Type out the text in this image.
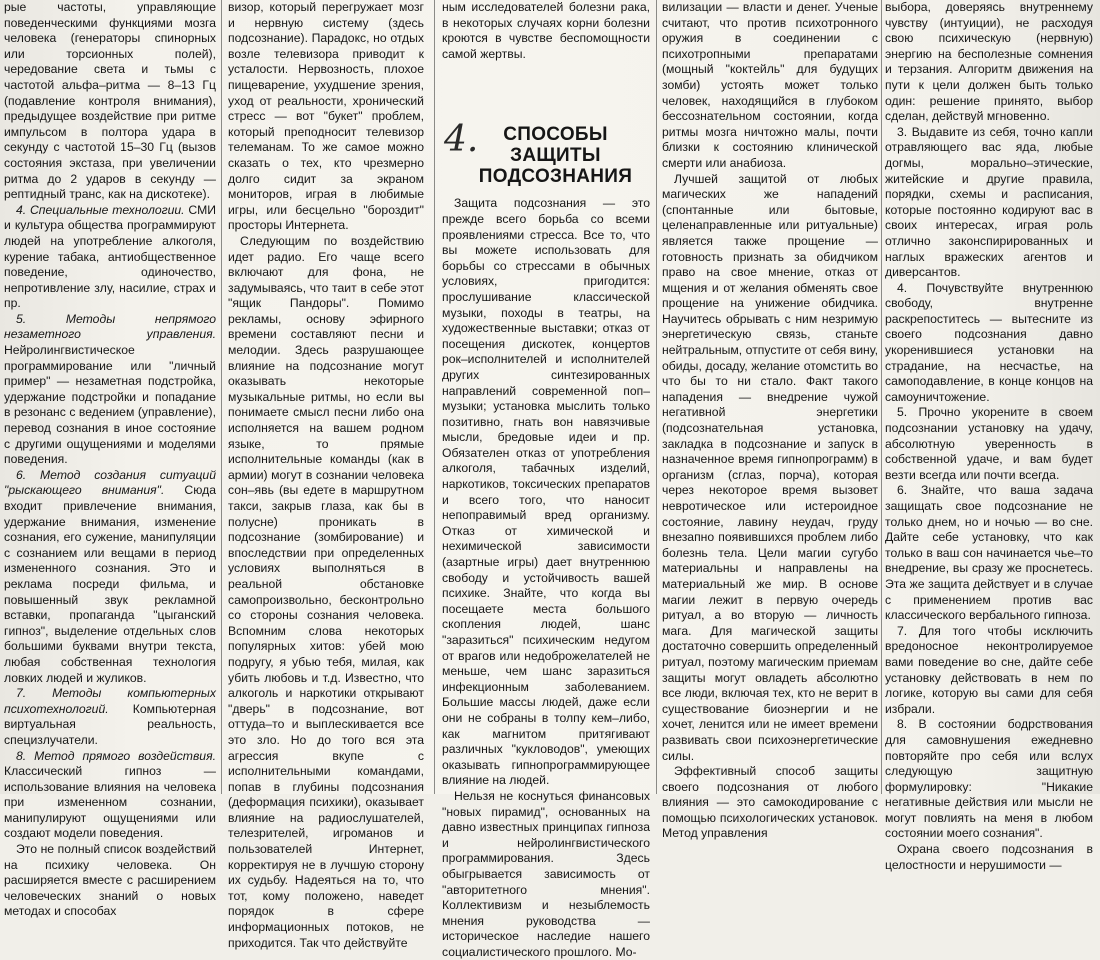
рые частоты, управляющие поведенческими функциями мозга человека (генераторы спинорных или торсионных полей), чередование света и тьмы с частотой альфа–ритма — 8–13 Гц (подавление контроля внимания), предыдущее воздействие при ритме импульсом в полтора удара в секунду с частотой 15–30 Гц (вызов состояния экстаза, при увеличении ритма до 2 ударов в секунду — рептидный транс, как на дискотеке).

4. Специальные технологии. СМИ и культура общества программируют людей на употребление алкоголя, курение табака, антиобщественное поведение, одиночество, непротивление злу, насилие, страх и пр.

5. Методы непрямого незаметного управления. Нейролингвистическое программирование или "личный пример" — незаметная подстройка, удержание подстройки и попадание в резонанс с ведением (управление), перевод сознания в иное состояние с другими ощущениями и моделями поведения.

6. Метод создания ситуаций "рыскающего внимания". Сюда входит привлечение внимания, удержание внимания, изменение сознания, его сужение, манипуляции с сознанием или вещами в период измененного сознания. Это и реклама посреди фильма, и повышенный звук рекламной вставки, пропаганда "цыганский гипноз", выделение отдельных слов большими буквами внутри текста, любая собственная технология ловких людей и жуликов.

7. Методы компьютерных психотехнологий. Компьютерная виртуальная реальность, специзлучатели.

8. Метод прямого воздействия. Классический гипноз — использование влияния на человека при измененном сознании, манипулируют ощущениями или создают модели поведения.

Это не полный список воздействий на психику человека. Он расширяется вместе с расширением человеческих знаний о новых методах и способах

визор, который перегружает мозг и нервную систему (здесь подсознание). Парадокс, но отдых возле телевизора приводит к усталости. Нервозность, плохое пищеварение, ухудшение зрения, уход от реальности, хронический стресс — вот "букет" проблем, который преподносит телевизор телеманам. То же самое можно сказать о тех, кто чрезмерно долго сидит за экраном мониторов, играя в любимые игры, или бесцельно "бороздит" просторы Интернета.

Следующим по воздействию идет радио. Его чаще всего включают для фона, не задумываясь, что таит в себе этот "ящик Пандоры". Помимо рекламы, основу эфирного времени составляют песни и мелодии. Здесь разрушающее влияние на подсознание могут оказывать некоторые музыкальные ритмы, но если вы понимаете смысл песни либо она исполняется на вашем родном языке, то прямые исполнительные команды (как в армии) могут в сознании человека сон–явь (вы едете в маршрутном такси, закрыв глаза, как бы в полусне) проникать в подсознание (зомбирование) и впоследствии при определенных условиях выполняться в реальной обстановке самопроизвольно, бесконтрольно со стороны сознания человека. Вспомним слова некоторых популярных хитов: убей мою подругу, я убью тебя, милая, как убить любовь и т.д. Известно, что алкоголь и наркотики открывают "дверь" в подсознание, вот оттуда–то и выплескивается все это зло. Но до того вся эта агрессия вкупе с исполнительными командами, попав в глубины подсознания (деформация психики), оказывает влияние на радиослушателей, телезрителей, игроманов и пользователей Интернет, корректируя не в лучшую сторону их судьбу. Надеяться на то, что тот, кому положено, наведет порядок в сфере информационных потоков, не приходится. Так что действуйте

ным исследователей болезни рака, в некоторых случаях корни болезни кроются в чувстве беспомощности самой жертвы.

4.	СПОСОБЫ ЗАЩИТЫ ПОДСОЗНАНИЯ

Защита подсознания — это прежде всего борьба со всеми проявлениями стресса. Все то, что вы можете использовать для борьбы со стрессами в обычных условиях, пригодится: прослушивание классической музыки, походы в театры, на художественные выставки; отказ от посещения дискотек, концертов рок–исполнителей и исполнителей других синтезированных направлений современной поп–музыки; установка мыслить только позитивно, гнать вон навязчивые мысли, бредовые идеи и пр. Обязателен отказ от употребления алкоголя, табачных изделий, наркотиков, токсических препаратов и всего того, что наносит непоправимый вред организму. Отказ от химической и нехимической зависимости (азартные игры) дает внутреннюю свободу и устойчивость вашей психике. Знайте, что когда вы посещаете места большого скопления людей, шанс "заразиться" психическим недугом от врагов или недоброжелателей не меньше, чем шанс заразиться инфекционным заболеванием. Большие массы людей, даже если они не собраны в толпу кем–либо, как магнитом притягивают различных "кукловодов", умеющих оказывать гипнопрограммирующее влияние на людей.

Нельзя не коснуться финансовых "новых пирамид", основанных на давно известных принципах гипноза и нейролингвистического программирования. Здесь обыгрывается зависимость от "авторитетного мнения". Коллективизм и незыблемость мнения руководства — историческое наследие нашего социалистического прошлого. Мо-

вилизации — власти и денег. Ученые считают, что против психотронного оружия в соединении с психотропными препаратами (мощный "коктейль" для будущих зомби) устоять может только человек, находящийся в глубоком бессознательном состоянии, когда ритмы мозга ничтожно малы, почти близки к состоянию клинической смерти или анабиоза.

Лучшей защитой от любых магических же нападений (спонтанные или бытовые, целенаправленные или ритуальные) является также прощение — готовность признать за обидчиком право на свое мнение, отказ от мщения и от желания обменять свое прощение на унижение обидчика. Научитесь обрывать с ним незримую энергетическую связь, станьте нейтральным, отпустите от себя вину, обиды, досаду, желание отомстить во что бы то ни стало. Факт такого нападения — внедрение чужой негативной энергетики (подсознательная установка, закладка в подсознание и запуск в назначенное время гипнопрограмм) в организм (сглаз, порча), которая через некоторое время вызовет невротическое или истероидное состояние, лавину неудач, груду внезапно появившихся проблем либо болезнь тела. Цели магии сугубо материальны и направлены на материальный же мир. В основе магии лежит в первую очередь ритуал, а во вторую — личность мага. Для магической защиты достаточно совершить определенный ритуал, поэтому магическим приемам защиты могут овладеть абсолютно все люди, включая тех, кто не верит в существование биоэнергии и не хочет, ленится или не имеет времени развивать свои психоэнергетические силы.

Эффективный способ защиты своего подсознания от любого влияния — это самокодирование с помощью психологических установок. Метод управления

выбора, доверяясь внутреннему чувству (интуиции), не расходуя свою психическую (нервную) энергию на бесполезные сомнения и терзания. Алгоритм движения на пути к цели должен быть только один: решение принято, выбор сделан, действуй мгновенно.

3. Выдавите из себя, точно капли отравляющего вас яда, любые догмы, морально–этические, житейские и другие правила, порядки, схемы и расписания, которые постоянно кодируют вас в своих интересах, играя роль отлично законспирированных и наглых вражеских агентов и диверсантов.

4. Почувствуйте внутреннюю свободу, внутренне раскрепоститесь — вытесните из своего подсознания давно укоренившиеся установки на страдание, на несчастье, на самоподавление, в конце концов на самоуничтожение.

5. Прочно укорените в своем подсознании установку на удачу, абсолютную уверенность в собственной удаче, и вам будет везти всегда или почти всегда.

6. Знайте, что ваша задача защищать свое подсознание не только днем, но и ночью — во сне. Дайте себе установку, что как только в ваш сон начинается чье–то внедрение, вы сразу же проснетесь. Эта же защита действует и в случае с применением против вас классического вербального гипноза.

7. Для того чтобы исключить вредоносное неконтролируемое вами поведение во сне, дайте себе установку действовать в нем по логике, которую вы сами для себя избрали.

8. В состоянии бодрствования для самовнушения ежедневно повторяйте про себя или вслух следующую защитную формулировку: "Никакие негативные действия или мысли не могут повлиять на меня в любом состоянии моего сознания".

Охрана своего подсознания в целостности и нерушимости —
